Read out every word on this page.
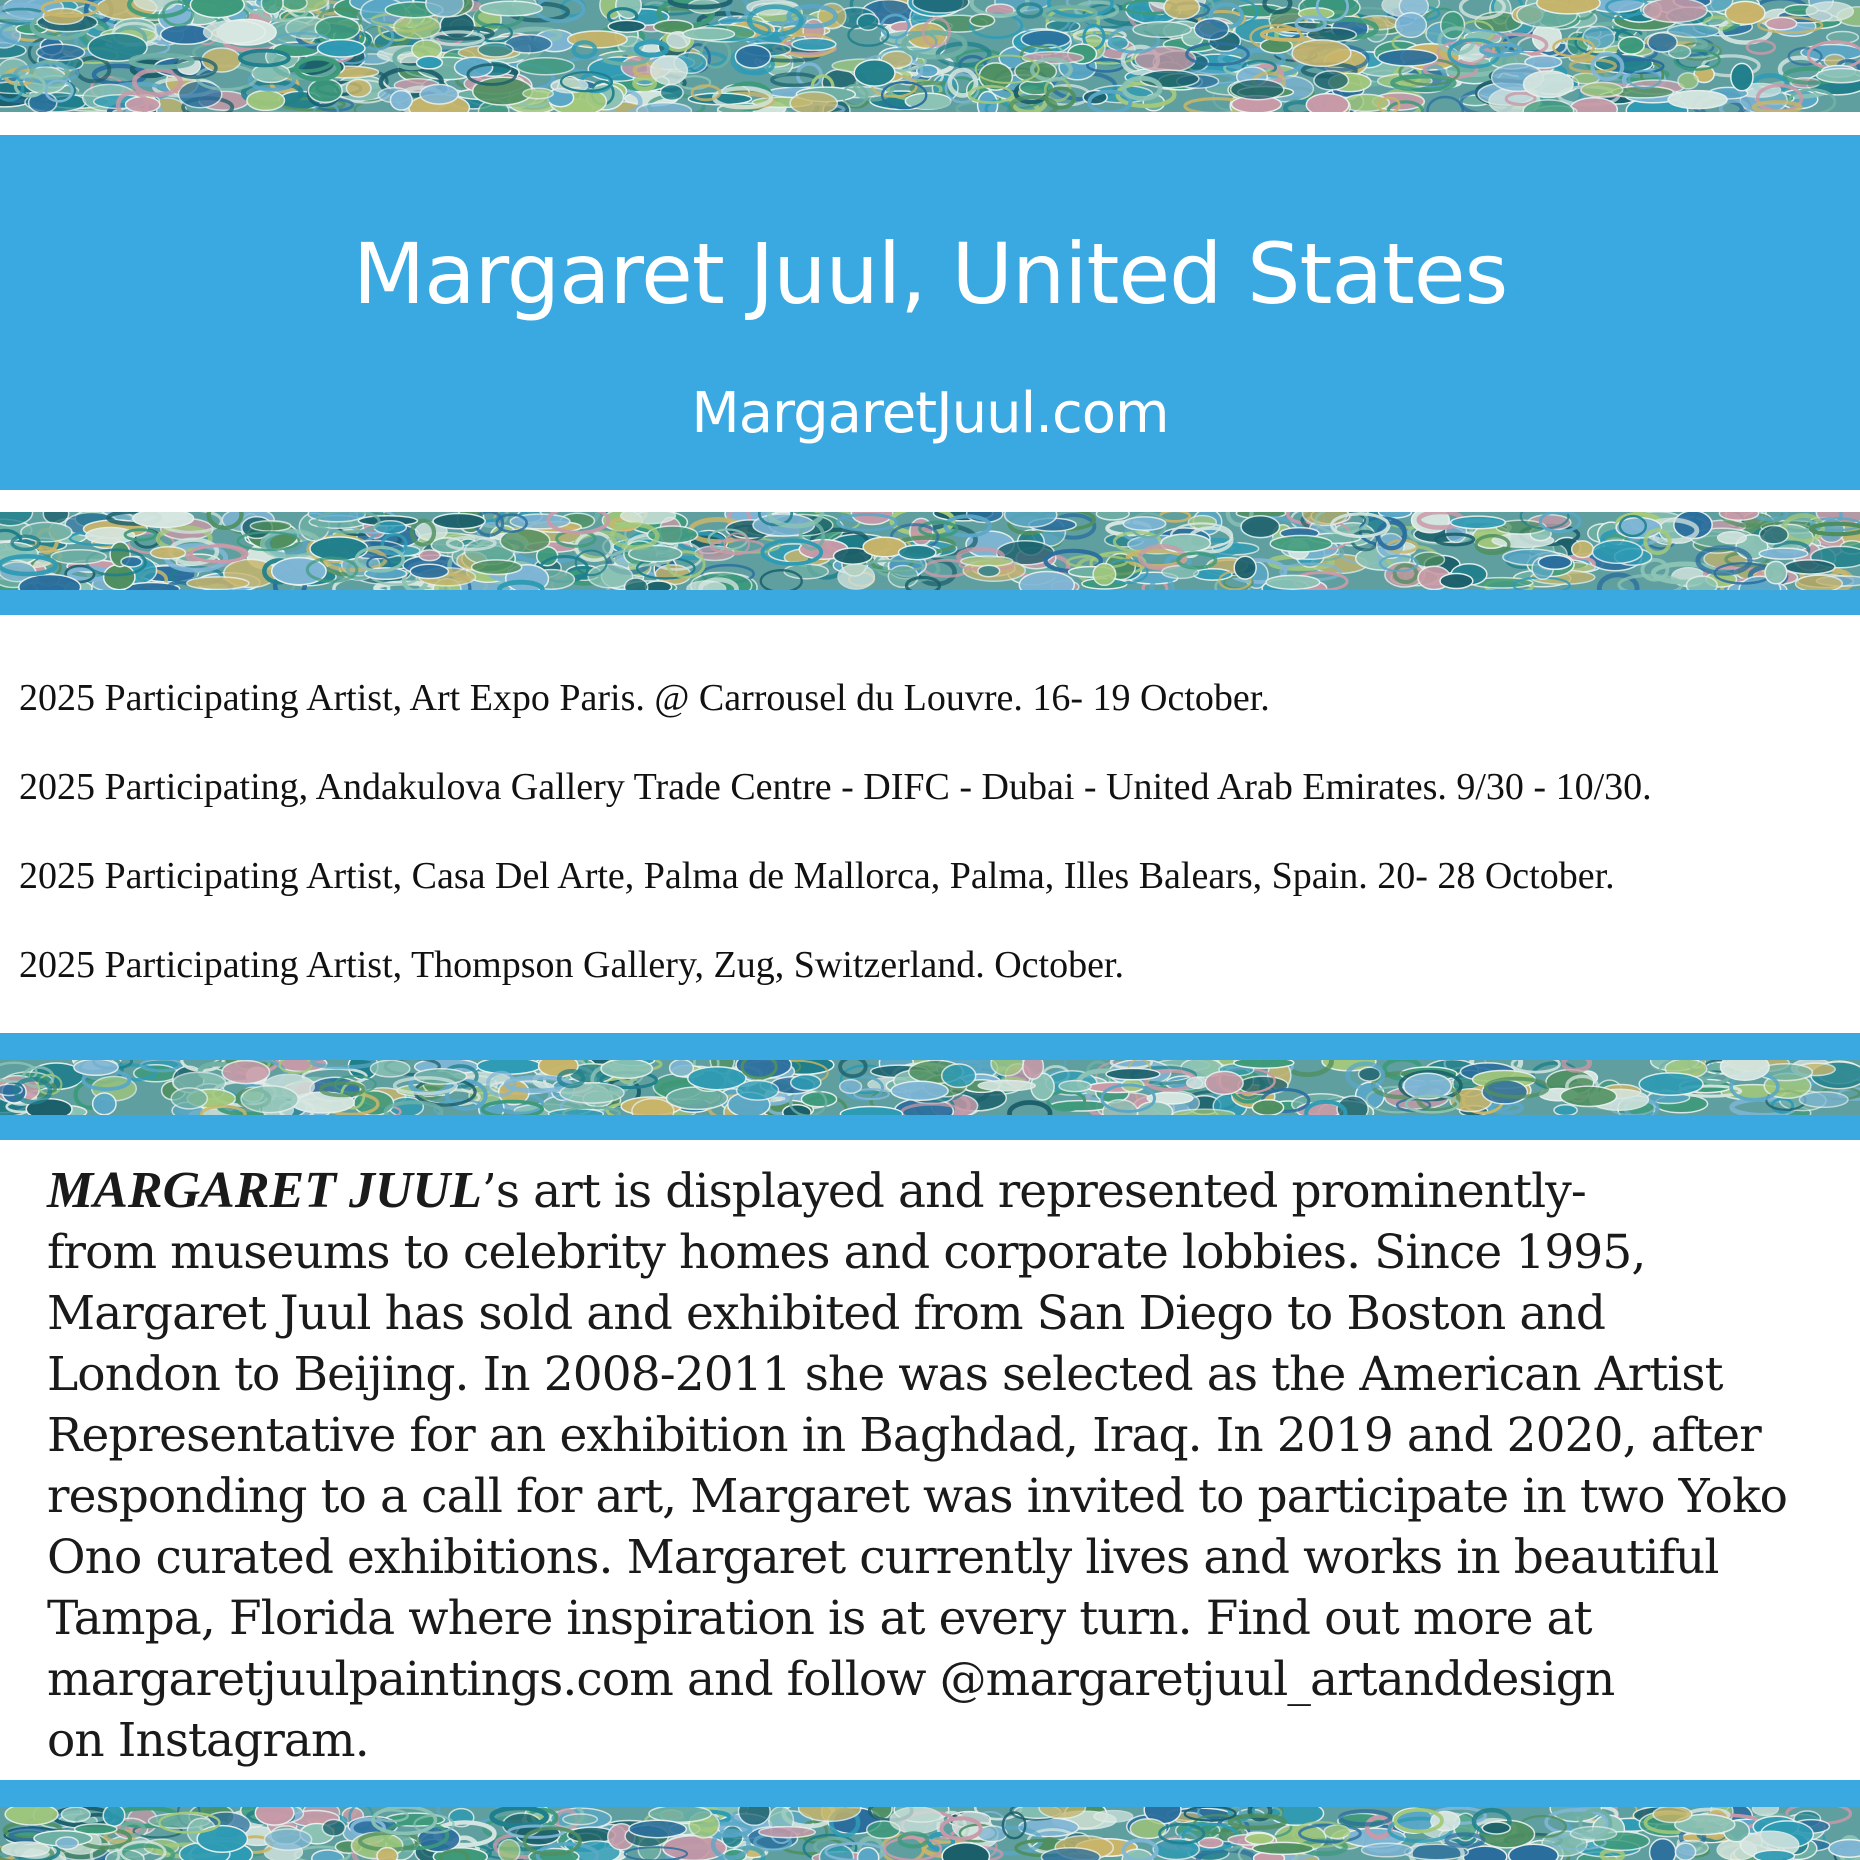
Margaret Juul, United States
MargaretJuul.com
2025 Participating Artist, Art Expo Paris. @ Carrousel du Louvre. 16- 19 October.
2025 Participating, Andakulova Gallery Trade Centre - DIFC - Dubai - United Arab Emirates. 9/30 - 10/30.
2025 Participating Artist, Casa Del Arte, Palma de Mallorca, Palma, Illes Balears, Spain. 20- 28 October.
2025 Participating Artist, Thompson Gallery, Zug, Switzerland. October.

MARGARET JUUL’s art is displayed and represented prominently-
from museums to celebrity homes and corporate lobbies. Since 1995,
Margaret Juul has sold and exhibited from San Diego to Boston and
London to Beijing. In 2008-2011 she was selected as the American Artist
Representative for an exhibition in Baghdad, Iraq. In 2019 and 2020, after
responding to a call for art, Margaret was invited to participate in two Yoko
Ono curated exhibitions. Margaret currently lives and works in beautiful
Tampa, Florida where inspiration is at every turn. Find out more at
margaretjuulpaintings.com and follow @margaretjuul_artanddesign
on Instagram.
